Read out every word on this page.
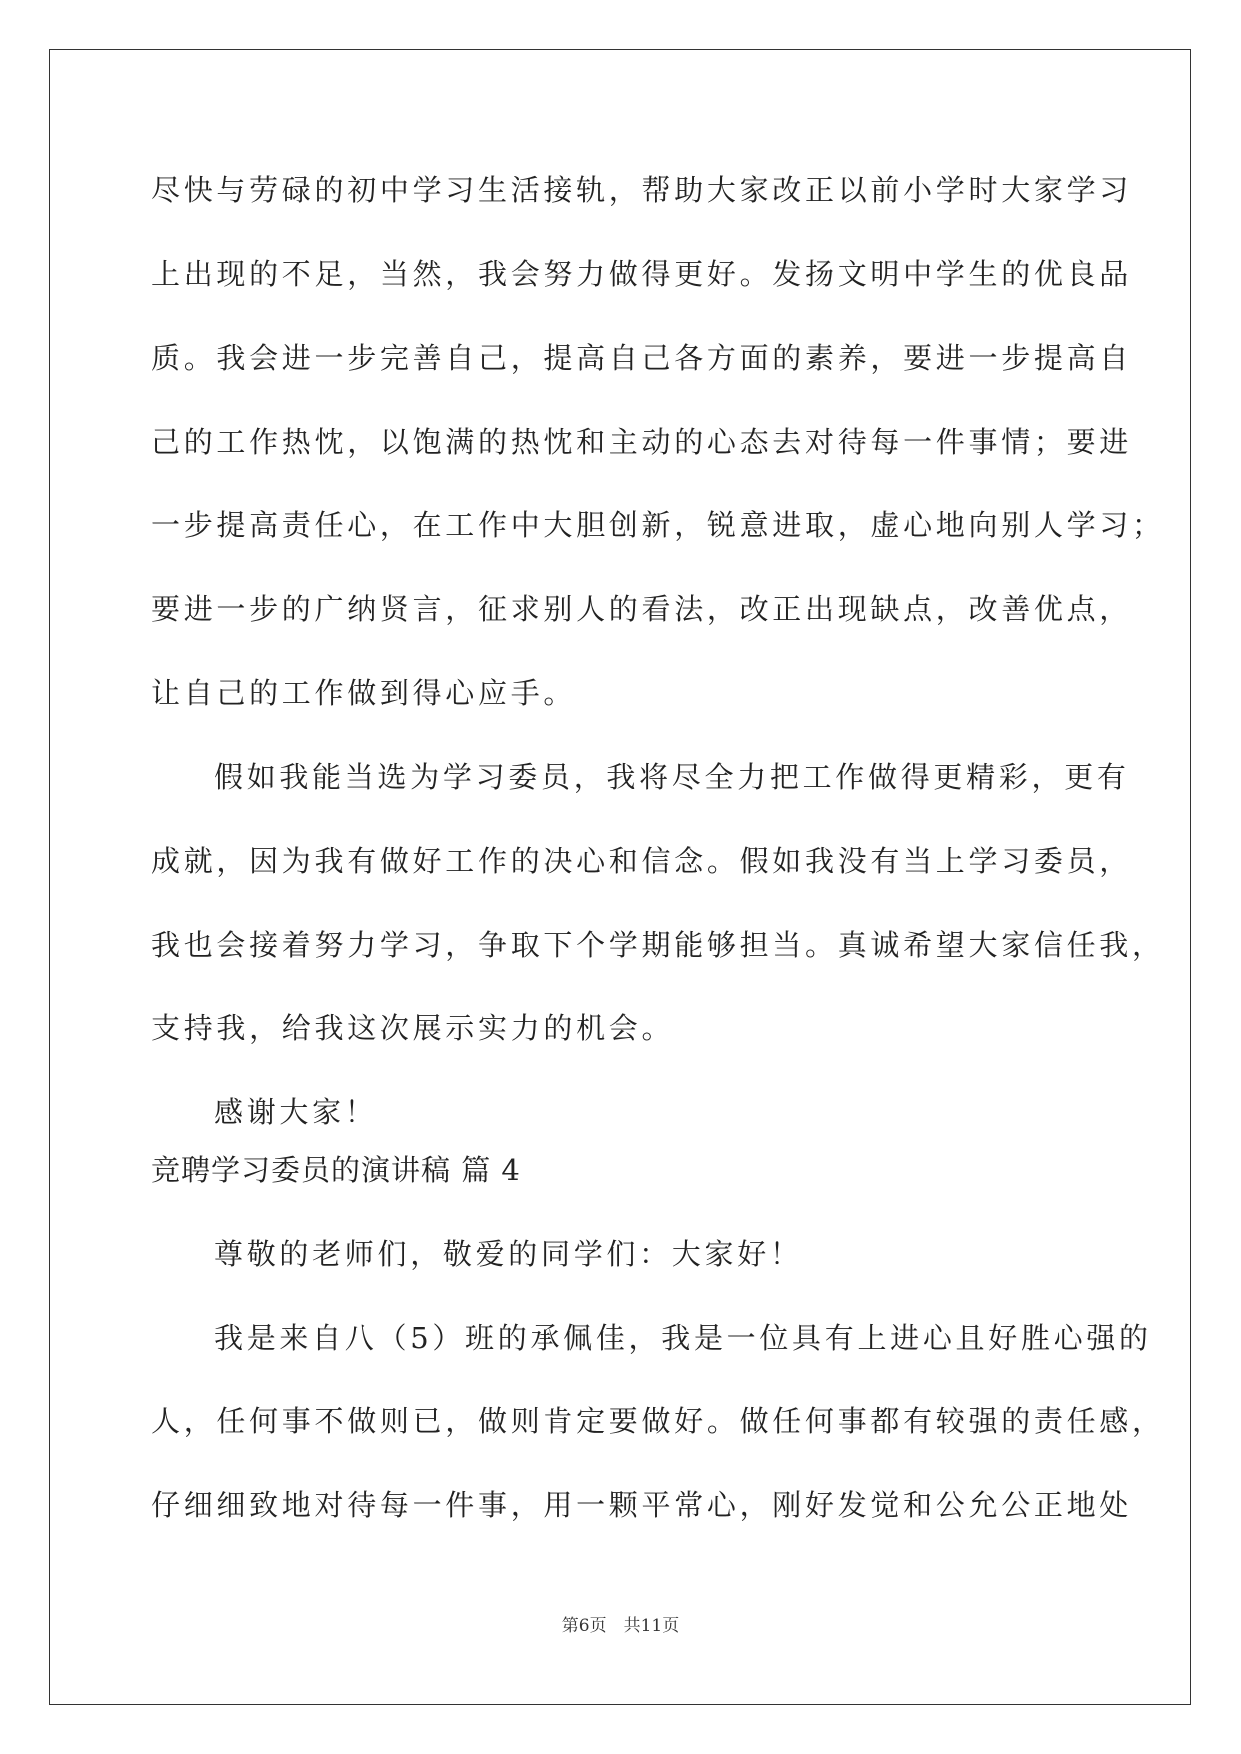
尽快与劳碌的初中学习生活接轨，帮助大家改正以前小学时大家学习

上出现的不足，当然，我会努力做得更好。发扬文明中学生的优良品

质。我会进一步完善自己，提高自己各方面的素养，要进一步提高自

己的工作热忱，以饱满的热忱和主动的心态去对待每一件事情；要进

一步提高责任心，在工作中大胆创新，锐意进取，虚心地向别人学习；

要进一步的广纳贤言，征求别人的看法，改正出现缺点，改善优点，

让自己的工作做到得心应手。

假如我能当选为学习委员，我将尽全力把工作做得更精彩，更有

成就，因为我有做好工作的决心和信念。假如我没有当上学习委员，

我也会接着努力学习，争取下个学期能够担当。真诚希望大家信任我，

支持我，给我这次展示实力的机会。

感谢大家！

竞聘学习委员的演讲稿 篇 4

尊敬的老师们，敬爱的同学们：大家好！

我是来自八（5）班的承佩佳，我是一位具有上进心且好胜心强的

人，任何事不做则已，做则肯定要做好。做任何事都有较强的责任感，

仔细细致地对待每一件事，用一颗平常心，刚好发觉和公允公正地处

第6页　共11页
